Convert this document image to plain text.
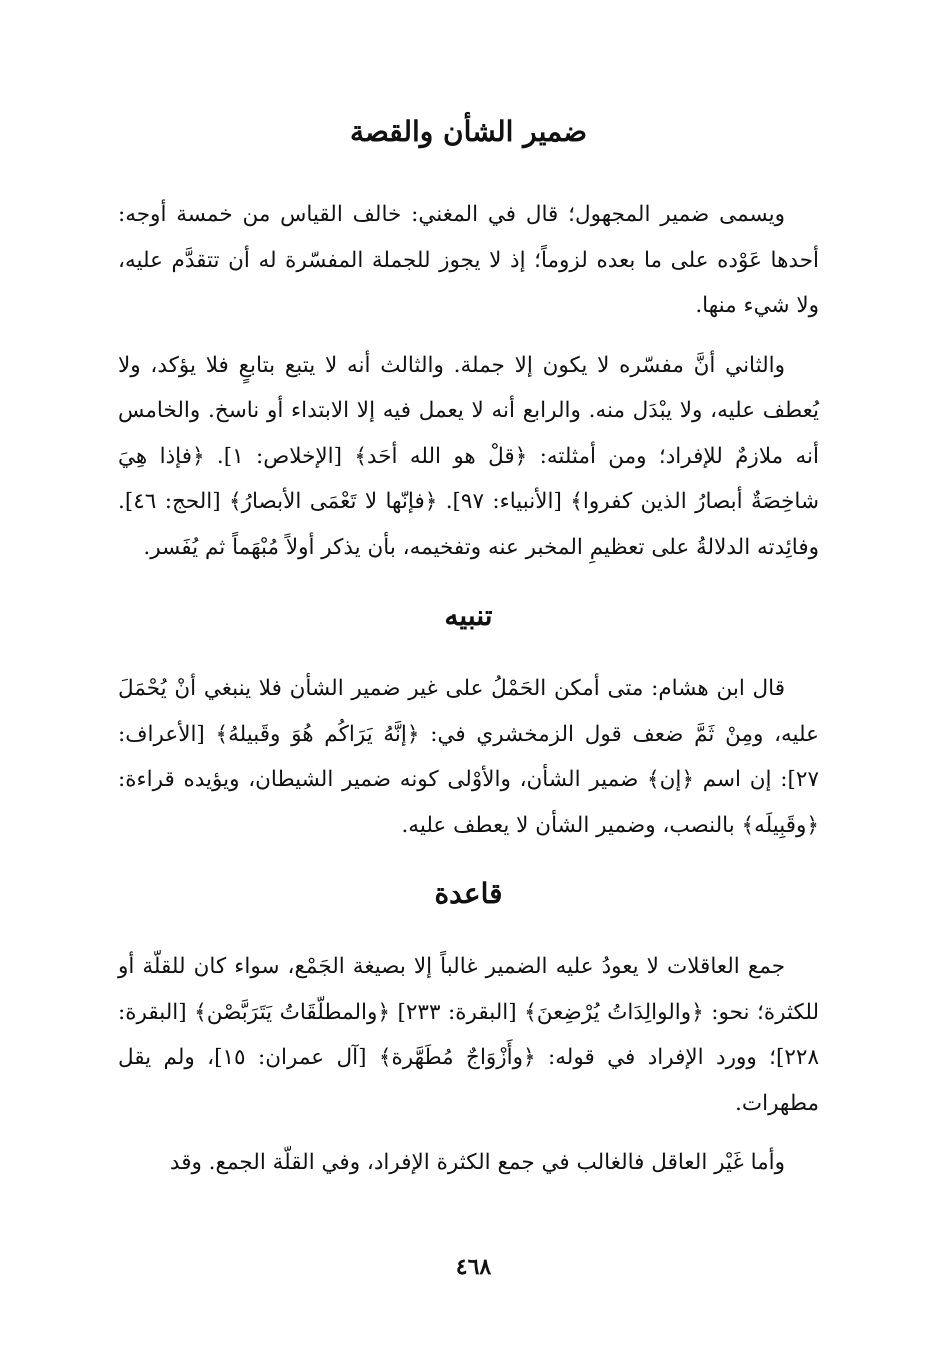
ضمير الشأن والقصة

ويسمى ضمير المجهول؛ قال في المغني: خالف القياس من خمسة أوجه: أحدها عَوْده على ما بعده لزوماً؛ إذ لا يجوز للجملة المفسّرة له أن تتقدَّم عليه، ولا شيء منها.

والثاني أنَّ مفسّره لا يكون إلا جملة. والثالث أنه لا يتبع بتابعٍ فلا يؤكد، ولا يُعطف عليه، ولا يبْدَل منه. والرابع أنه لا يعمل فيه إلا الابتداء أو ناسخ. والخامس أنه ملازمٌ للإفراد؛ ومن أمثلته: ﴿قلْ هو الله أحَد﴾ [الإخلاص: ١]. ﴿فإذا هِيَ شاخِصَةٌ أبصارُ الذين كفروا﴾ [الأنبياء: ٩٧]. ﴿فإنّها لا تَعْمَى الأبصارُ﴾ [الحج: ٤٦]. وفائِدته الدلالةُ على تعظيمِ المخبر عنه وتفخيمه، بأن يذكر أولاً مُبْهَماً ثم يُفَسر.

تنبيه

قال ابن هشام: متى أمكن الحَمْلُ على غير ضمير الشأن فلا ينبغي أنْ يُحْمَلَ عليه، ومِنْ ثَمَّ ضعف قول الزمخشري في: ﴿إنَّهُ يَرَاكُم هُوَ وقَبيلهُ﴾ [الأعراف: ٢٧]: إن اسم ﴿إن﴾ ضمير الشأن، والأوْلى كونه ضمير الشيطان، ويؤيده قراءة: ﴿وقَبِيلَه﴾ بالنصب، وضمير الشأن لا يعطف عليه.

قاعدة

جمع العاقلات لا يعودُ عليه الضمير غالباً إلا بصيغة الجَمْع، سواء كان للقلّة أو للكثرة؛ نحو: ﴿والوالِدَاتُ يُرْضِعنَ﴾ [البقرة: ٢٣٣] ﴿والمطلّقَاتُ يَتَرَبَّصْن﴾ [البقرة: ٢٢٨]؛ وورد الإفراد في قوله: ﴿وأَزْوَاجٌ مُطَهَّرة﴾ [آل عمران: ١٥]، ولم يقل مطهرات.

وأما غَيْر العاقل فالغالب في جمع الكثرة الإفراد، وفي القلّة الجمع. وقد

٤٦٨
